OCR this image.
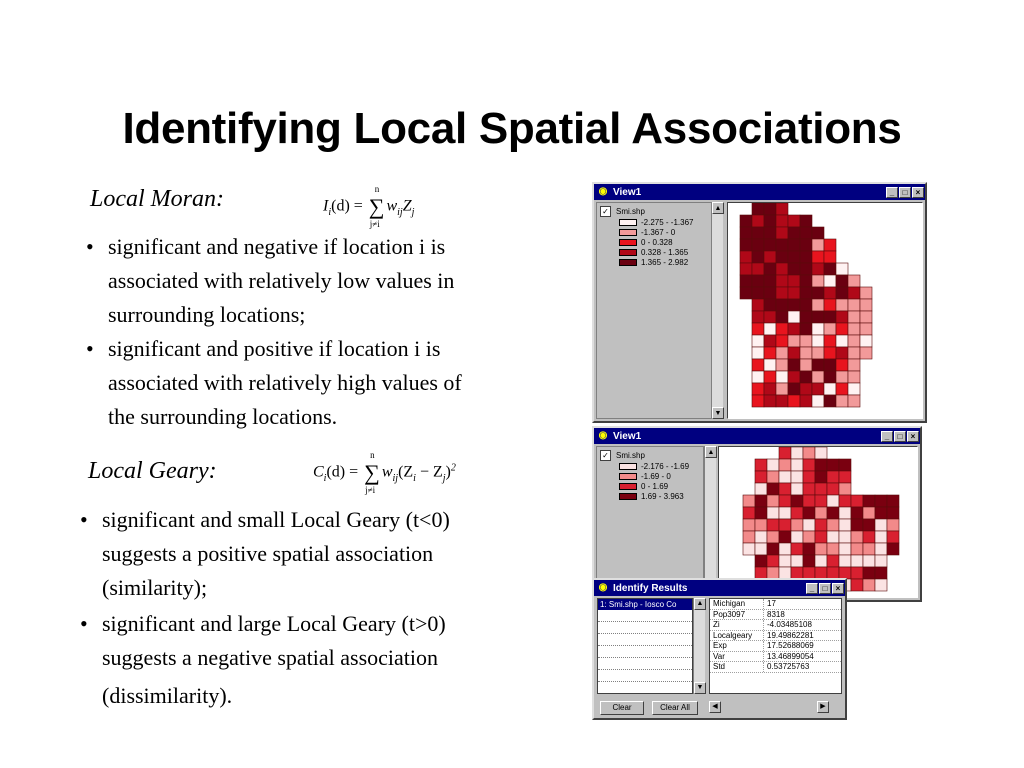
Identifying Local Spatial Associations
Local Moran:	$I_i(d)$ = ∑
n
j≠i
$w_{ij}Z_j$
• significant and negative if location i is
associated with relatively low values in
surrounding locations;
• significant and positive if location i is
associated with relatively high values of
the surrounding locations.
Local Geary:	$C_i(d)$ = ∑
n
j≠i
$w_{ij}(Z_i - Z_j)^2$
• significant and small Local Geary (t<0)
suggests a positive spatial association
(similarity);
• significant and large Local Geary (t>0)
suggests a negative spatial association
(dissimilarity).
◉ View1	_	□	×
✓ Smi.shp
-2.275 - -1.367
-1.367 - 0
0 - 0.328
0.328 - 1.365
1.365 - 2.982
▲
▼
◉ View1	_	□	×
✓ Smi.shp
-2.176 - -1.69
-1.69 - 0
0 - 1.69
1.69 - 3.963
▲
◉ Identify Results	_	□	×
1: Smi.shp - Iosco Co	▲
▼
Michigan	17
Pop3097	8318
Zi	-4.03485108
Localgeary	19.49862281
Exp	17.52688069
Var	13.46899054
Std	0.53725763
Clear	Clear All	◀	▶
